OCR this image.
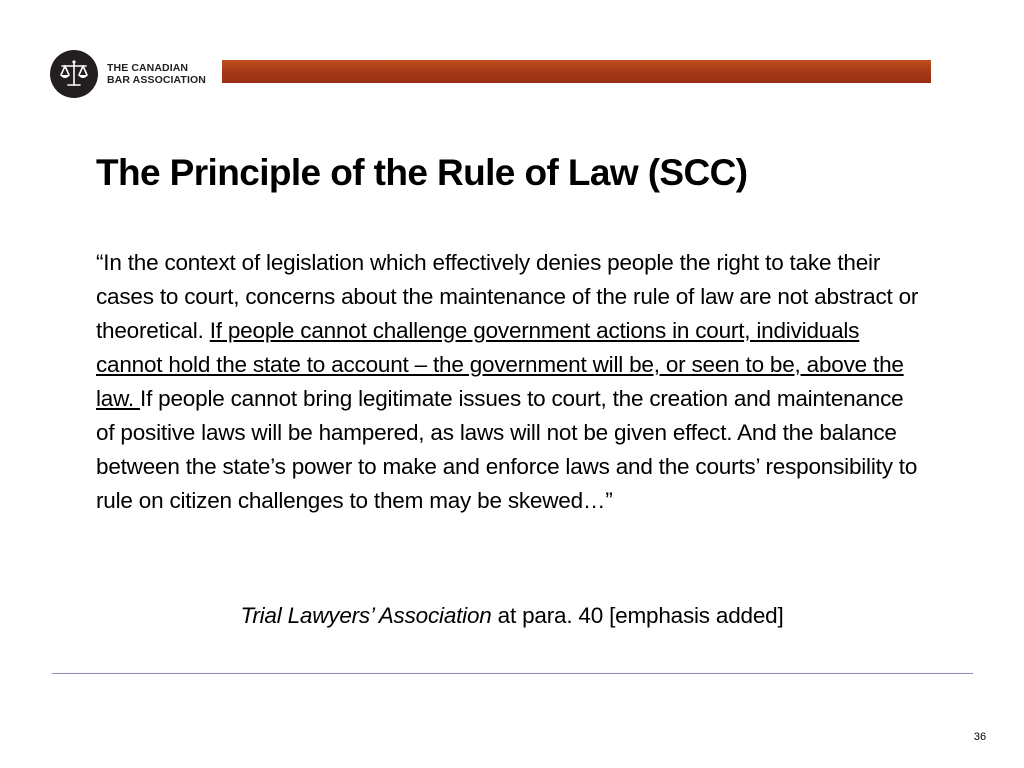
THE CANADIAN
BAR ASSOCIATION
The Principle of the Rule of Law (SCC)

“In the context of legislation which effectively denies people the right to take their cases to court, concerns about the maintenance of the rule of law are not abstract or theoretical. If people cannot challenge government actions in court, individuals cannot hold the state to account – the government will be, or seen to be, above the law. If people cannot bring legitimate issues to court, the creation and maintenance of positive laws will be hampered, as laws will not be given effect. And the balance between the state’s power to make and enforce laws and the courts’ responsibility to rule on citizen challenges to them may be skewed…”

Trial Lawyers’ Association at para. 40 [emphasis added]

36
